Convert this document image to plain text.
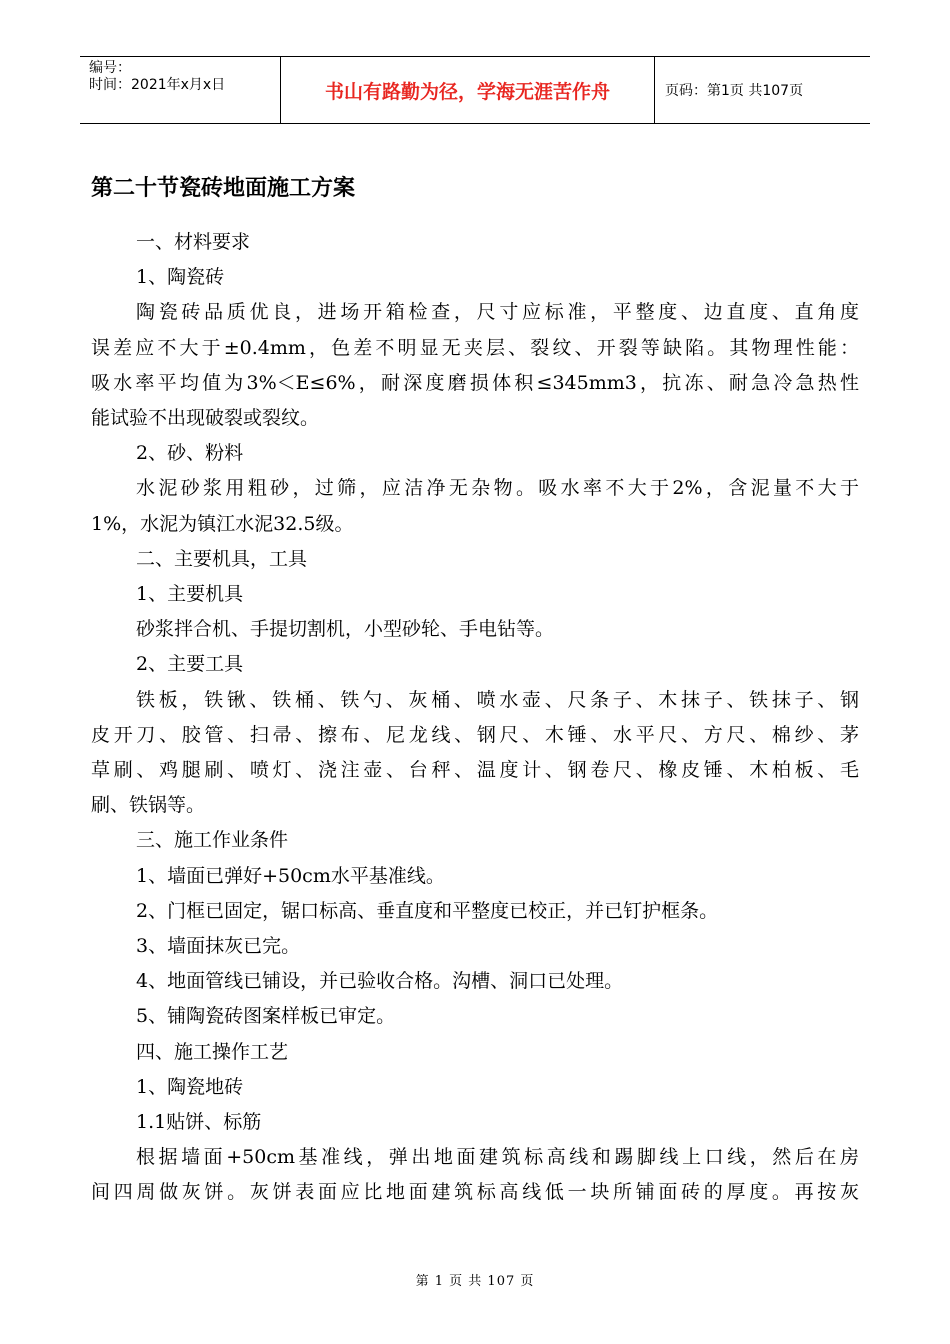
编号：
时间：2021年x月x日	书山有路勤为径，学海无涯苦作舟	页码：第1页 共107页
第二十节瓷砖地面施工方案

一、材料要求

1、陶瓷砖

陶瓷砖品质优良，进场开箱检查，尺寸应标准，平整度、边直度、直角度

误差应不大于±0.4mm，色差不明显无夹层、裂纹、开裂等缺陷。其物理性能：

吸水率平均值为3%＜E≤6%，耐深度磨损体积≤345mm3，抗冻、耐急冷急热性

能试验不出现破裂或裂纹。

2、砂、粉料

水泥砂浆用粗砂，过筛，应洁净无杂物。吸水率不大于2%，含泥量不大于

1%，水泥为镇江水泥32.5级。

二、主要机具，工具

1、主要机具

砂浆拌合机、手提切割机，小型砂轮、手电钻等。

2、主要工具

铁板，铁锹、铁桶、铁勺、灰桶、喷水壶、尺条子、木抹子、铁抹子、钢

皮开刀、胶管、扫帚、擦布、尼龙线、钢尺、木锤、水平尺、方尺、棉纱、茅

草刷、鸡腿刷、喷灯、浇注壶、台秤、温度计、钢卷尺、橡皮锤、木柏板、毛

刷、铁锅等。

三、施工作业条件

1、墙面已弹好+50cm水平基准线。

2、门框已固定，锯口标高、垂直度和平整度已校正，并已钉护框条。

3、墙面抹灰已完。

4、地面管线已铺设，并已验收合格。沟槽、洞口已处理。

5、铺陶瓷砖图案样板已审定。

四、施工操作工艺

1、陶瓷地砖

1.1贴饼、标筋

根据墙面+50cm基准线，弹出地面建筑标高线和踢脚线上口线，然后在房

间四周做灰饼。灰饼表面应比地面建筑标高线低一块所铺面砖的厚度。再按灰

第 1 页 共 107 页
